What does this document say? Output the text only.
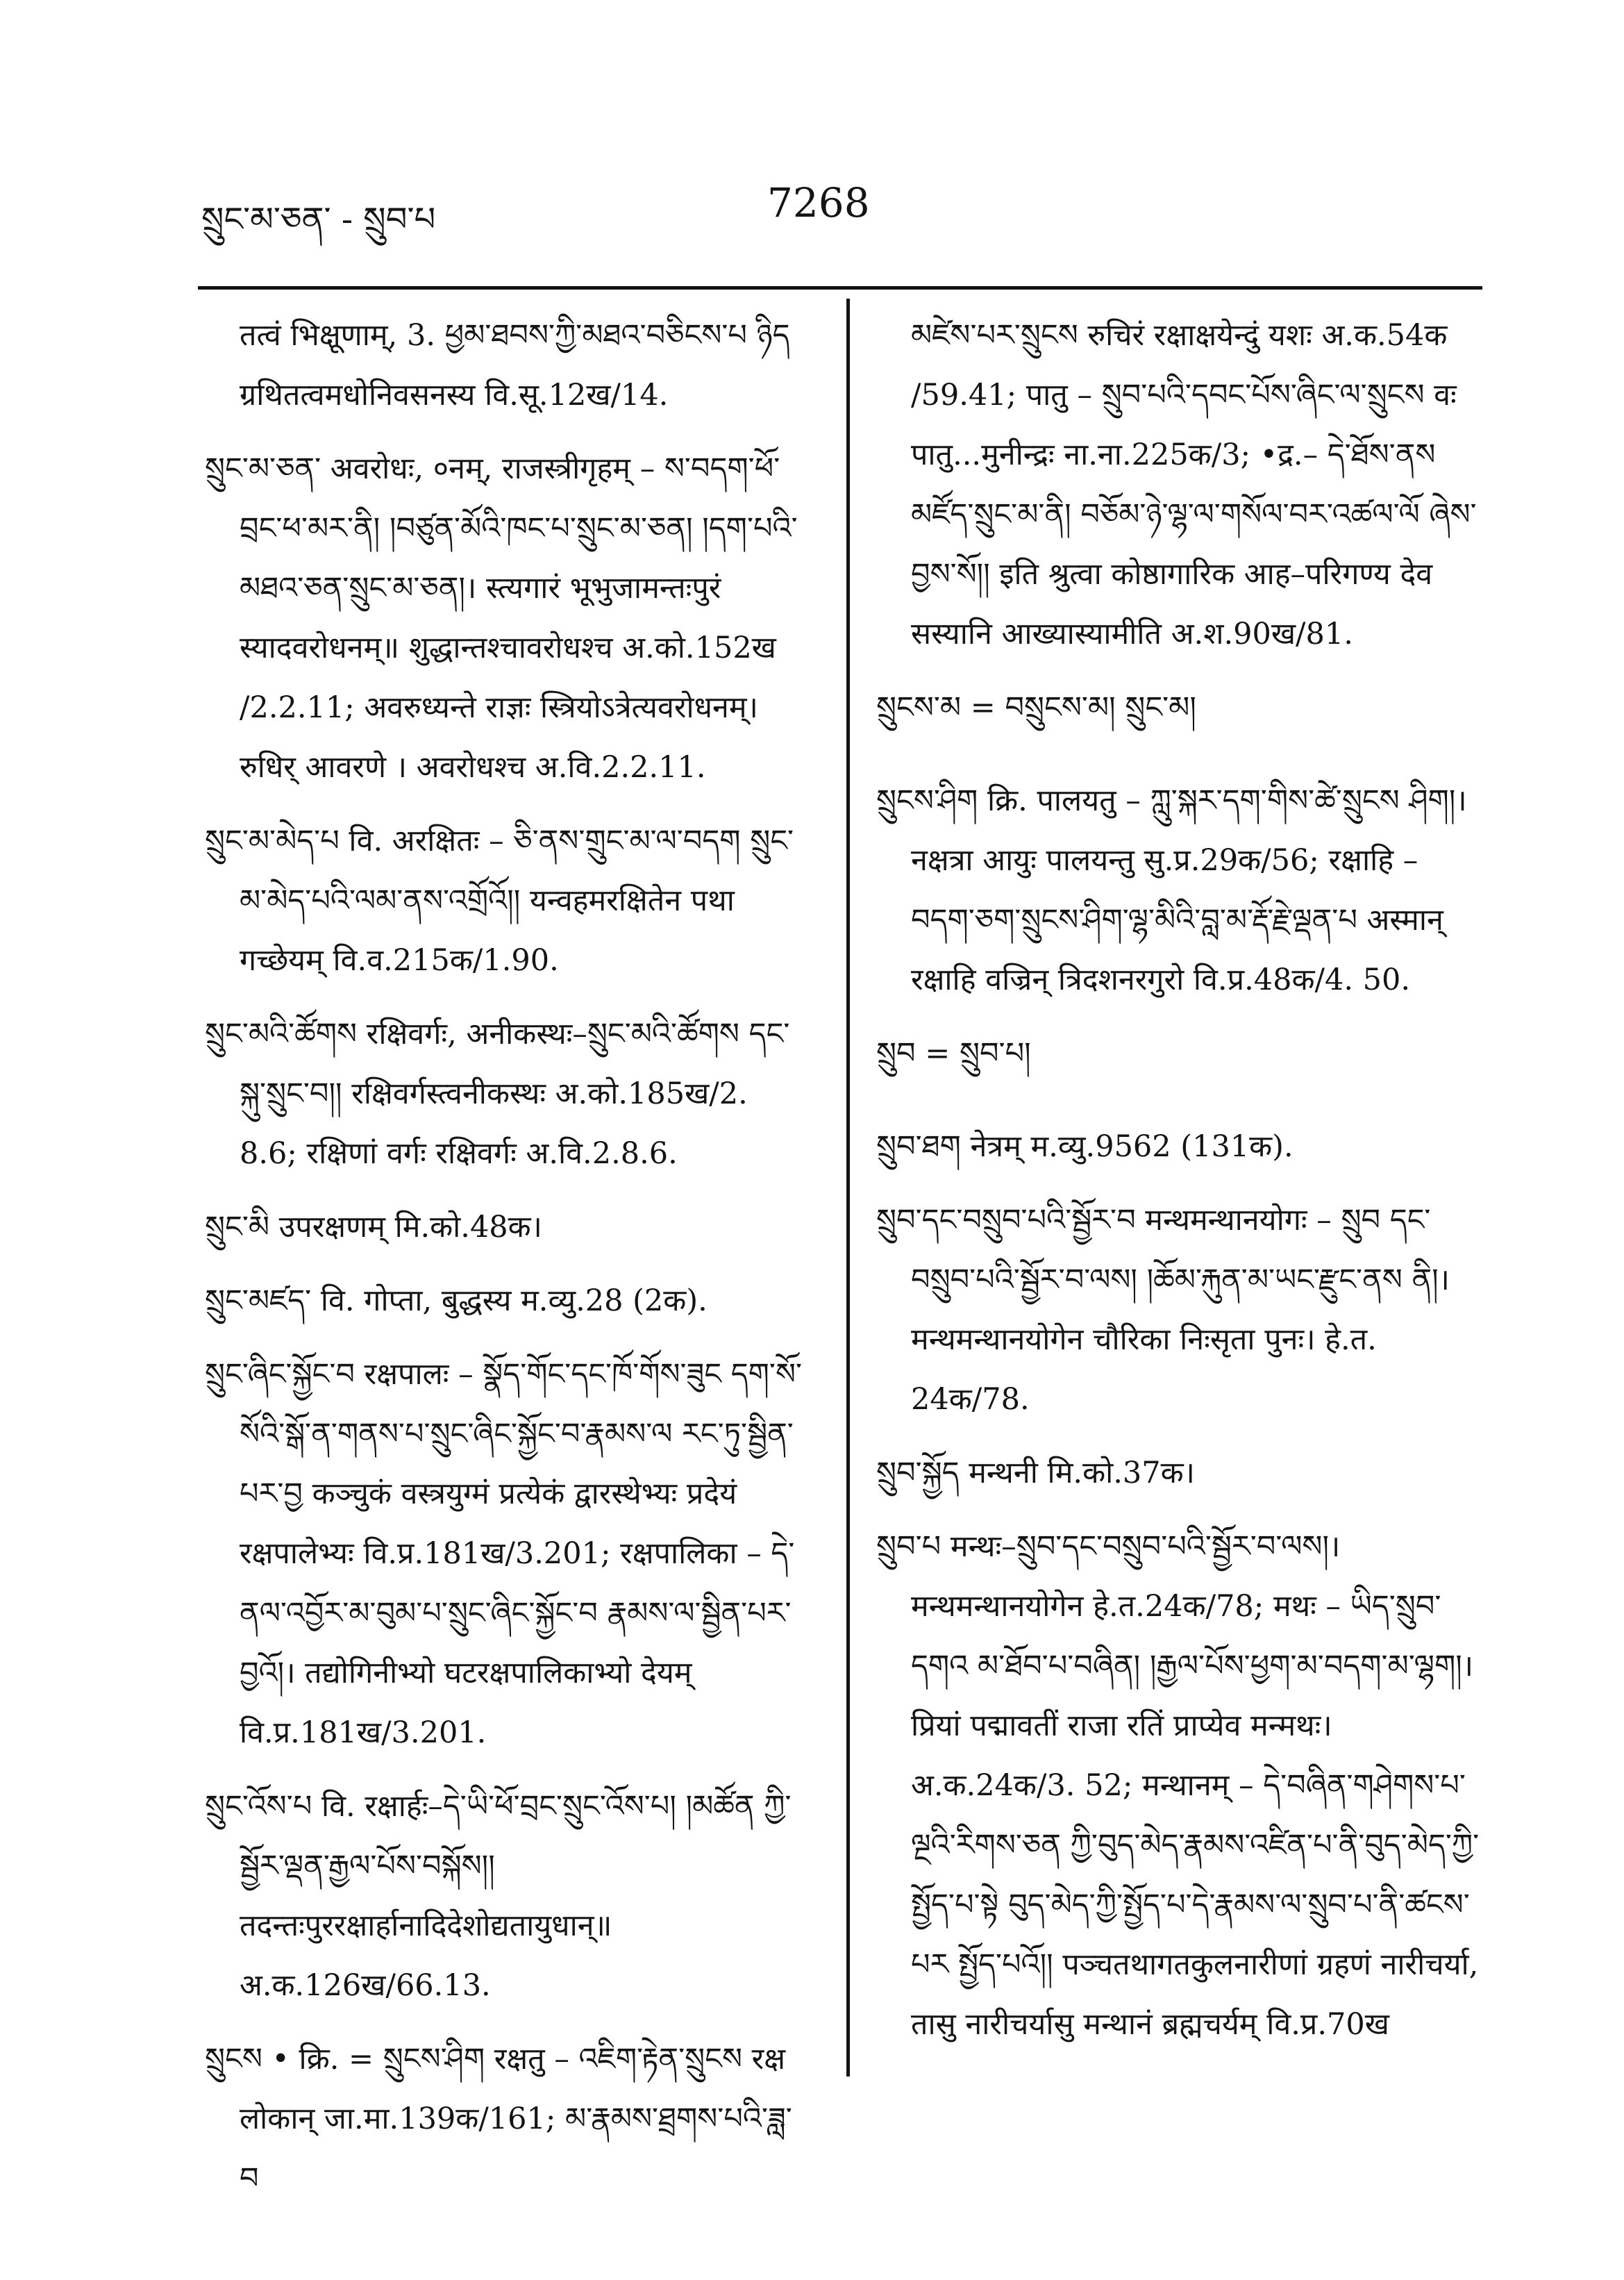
སྲུང་མ་ཅན་ - སྲུབ་པ	7268

तत्वं भिक्षूणाम्, 3. ཕྱམ་ཐབས་ཀྱི་མཐའ་བཅིངས་པ ཉིད ग्रथितत्वमधोनिवसनस्य वि.सू.12ख/14.

སྲུང་མ་ཅན་ अवरोधः, ०नम्, राजस्त्रीगृहम् – ས་བདག་ཕོ་བྲང་ཕ་མར་ནི། །བཙུན་མོའི་ཁང་པ་སྲུང་མ་ཅན། །དག་པའི་མཐའ་ཅན་སྲུང་མ་ཅན།। स्त्यगारं भूभुजामन्तःपुरं स्यादवरोधनम्॥ शुद्धान्तश्चावरोधश्च अ.को.152ख /2.2.11; अवरुध्यन्ते राज्ञः स्त्रियोऽत्रेत्यवरोधनम्। रुधिर् आवरणे । अवरोधश्च अ.वि.2.2.11.

སྲུང་མ་མེད་པ वि. अरक्षितः – ཅི་ནས་གྲུང་མ་ལ་བདག སྲུང་མ་མེད་པའི་ལམ་ནས་འགྲོའོ།། यन्वहमरक्षितेन पथा गच्छेयम् वि.व.215क/1.90.

སྲུང་མའི་ཚོགས रक्षिवर्गः, अनीकस्थः–སྲུང་མའི་ཚོགས དང་སྐུ་སྲུང་བ།། रक्षिवर्गस्त्वनीकस्थः अ.को.185ख/2. 8.6; रक्षिणां वर्गः रक्षिवर्गः अ.वि.2.8.6.

སྲུང་མི उपरक्षणम् मि.को.48क।

སྲུང་མཛད་ वि. गोप्ता, बुद्धस्य म.व्यु.28 (2क).

སྲུང་ཞིང་སྐྱོང་བ रक्षपालः – སྣོད་གོང་དང་ཁོ་གོས་ཟུང དག་སོ་སོའི་སྒོ་ན་གནས་པ་སྲུང་ཞིང་སྐྱོང་བ་རྣམས་ལ རང་ཏུ་སྦྱིན་པར་བྱ कञ्चुकं वस्त्रयुग्मं प्रत्येकं द्वारस्थेभ्यः प्रदेयं रक्षपालेभ्यः वि.प्र.181ख/3.201; रक्षपालिका – དེ་ནལ་འབྱོར་མ་བུམ་པ་སྲུང་ཞིང་སྐྱོང་བ རྣམས་ལ་སྦྱིན་པར་བྱའོ།। तद्योगिनीभ्यो घटरक्षपालिकाभ्यो देयम् वि.प्र.181ख/3.201.

སྲུང་འོས་པ वि. रक्षार्हः–དེ་ཡི་ཕོ་བྲང་སྲུང་འོས་པ། །མཚོན ཀྱི་སྦྱོར་ལྡན་རྒྱལ་པོས་བསྐོས།། तदन्तःपुररक्षार्हानादिदेशोद्यतायुधान्॥ अ.क.126ख/66.13.

སྲུངས • क्रि. = སྲུངས་ཤིག रक्षतु – འཇིག་རྟེན་སྲུངས रक्ष लोकान् जा.मा.139क/161; མ་རྣམས་ཐྲགས་པའི་ཟླ་བ

མཛེས་པར་སྲུངས रुचिरं रक्षाक्षयेन्दुं यशः अ.क.54क /59.41; पातु – སྲུབ་པའི་དབང་པོས་ཞིང་ལ་སྲུངས वः पातु...मुनीन्द्रः ना.ना.225क/3; •द्र.– དེ་ཐོས་ནས མཛོད་སྲུང་མ་ནི། བཅོམ་ཉེ་ལྷ་ལ་གསོལ་བར་འཚལ་ལོ ཞེས་བྱས་སོ།། इति श्रुत्वा कोष्ठागारिक आह–परिगण्य देव सस्यानि आख्यास्यामीति अ.श.90ख/81.

སྲུངས་མ = བསྲུངས་མ། སྲུང་མ།

སྲུངས་ཤིག क्रि. पालयतु – ཀླུ་སྐར་དག་གིས་ཚེ་སྲུངས ཤིག།। नक्षत्रा आयुः पालयन्तु सु.प्र.29क/56; रक्षाहि – བདག་ཅག་སྲུངས་ཤིག་ལྷ་མིའི་བླ་མ་རྡོ་རྗེ་ལྡན་པ अस्मान् रक्षाहि वज्रिन् त्रिदशनरगुरो वि.प्र.48क/4. 50.

སྲུབ = སྲུབ་པ།

སྲུབ་ཐག नेत्रम् म.व्यु.9562 (131क).

སྲུབ་དང་བསྲུབ་པའི་སྦྱོར་བ मन्थमन्थानयोगः – སྲུབ དང་བསྲུབ་པའི་སྦྱོར་བ་ལས། །ཆོམ་རྐུན་མ་ཡང་རྫུང་ནས ནི།। मन्थमन्थानयोगेन चौरिका निःसृता पुनः। हे.त. 24क/78.

སྲུབ་སྐྱོད मन्थनी मि.को.37क।

སྲུབ་པ मन्थः–སྲུབ་དང་བསྲུབ་པའི་སྦྱོར་བ་ལས།। मन्थमन्थानयोगेन हे.त.24क/78; मथः – ཡིད་སྲུབ་དགའ མ་ཐོབ་པ་བཞིན། །རྒྱལ་པོས་ཕྱག་མ་བདག་མ་ལྷག།। प्रियां पद्मावतीं राजा रतिं प्राप्येव मन्मथः। अ.क.24क/3. 52; मन्थानम् – དེ་བཞིན་གཤེགས་པ་ལྔའི་རིགས་ཅན ཀྱི་བུད་མེད་རྣམས་འཛིན་པ་ནི་བུད་མེད་ཀྱི་སྤྱོད་པ་སྟེ བུད་མེད་ཀྱི་སྤྱོད་པ་དེ་རྣམས་ལ་སྲུབ་པ་ནི་ཚངས་པར སྤྱོད་པའོ།། पञ्चतथागतकुलनारीणां ग्रहणं नारीचर्या, तासु नारीचर्यासु मन्थानं ब्रह्मचर्यम् वि.प्र.70ख
